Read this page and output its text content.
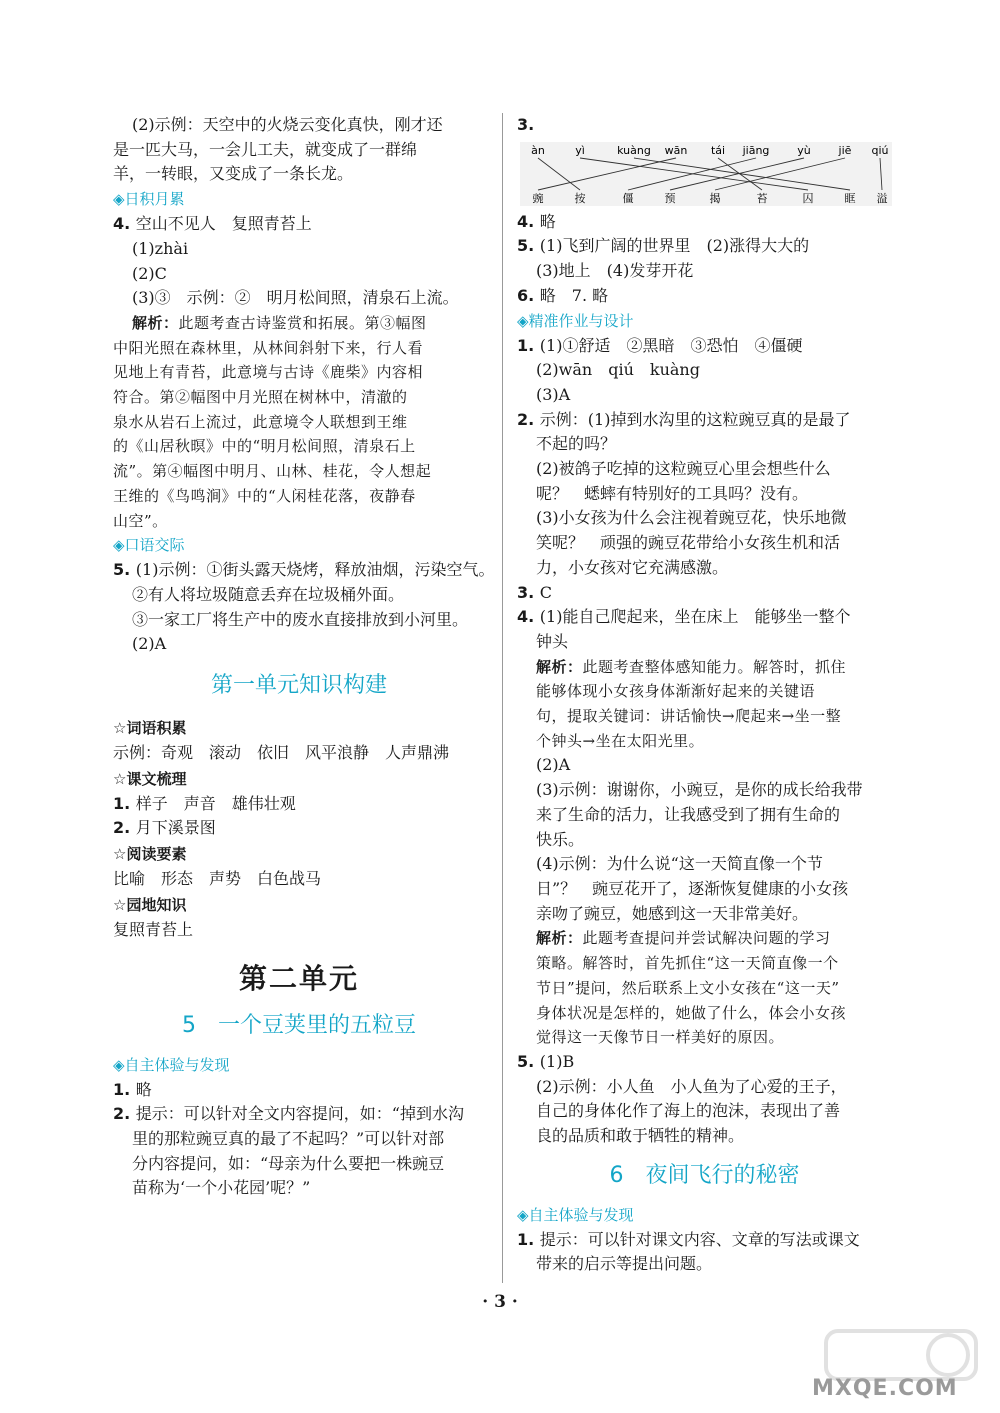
(2)示例：天空中的火烧云变化真快，刚才还
是一匹大马，一会儿工夫，就变成了一群绵
羊，一转眼，又变成了一条长龙。
◈日积月累
4. 空山不见人　复照青苔上
(1)zhài
(2)C
(3)③　示例：②　明月松间照，清泉石上流。
解析：此题考查古诗鉴赏和拓展。第③幅图
中阳光照在森林里，从林间斜射下来，行人看
见地上有青苔，此意境与古诗《鹿柴》内容相
符合。第②幅图中月光照在树林中，清澈的
泉水从岩石上流过，此意境令人联想到王维
的《山居秋暝》中的“明月松间照，清泉石上
流”。第④幅图中明月、山林、桂花，令人想起
王维的《鸟鸣涧》中的“人闲桂花落，夜静春
山空”。
◈口语交际
5. (1)示例：①街头露天烧烤，释放油烟，污染空气。
②有人将垃圾随意丢弃在垃圾桶外面。
③一家工厂将生产中的废水直接排放到小河里。
(2)A
第一单元知识构建
☆词语积累
示例：奇观　滚动　依旧　风平浪静　人声鼎沸
☆课文梳理
1. 样子　声音　雄伟壮观
2. 月下溪景图
☆阅读要素
比喻　形态　声势　白色战马
☆园地知识
复照青苔上
第二单元
5　一个豆荚里的五粒豆
◈自主体验与发现
1. 略
2. 提示：可以针对全文内容提问，如：“掉到水沟
里的那粒豌豆真的最了不起吗？”可以针对部
分内容提问，如：“母亲为什么要把一株豌豆
苗称为‘一个小花园’呢？”
3.
àn	yì	kuàng wān tái jiāng	yù	jiē qiú
豌	按	僵	预	揭	苔	囚	眶 溢
4. 略
5. (1)飞到广阔的世界里　(2)涨得大大的
(3)地上　(4)发芽开花
6. 略　7. 略
◈精准作业与设计
1. (1)①舒适　②黑暗　③恐怕　④僵硬
(2)wān　qiú　kuàng
(3)A
2. 示例：(1)掉到水沟里的这粒豌豆真的是最了
不起的吗？
(2)被鸽子吃掉的这粒豌豆心里会想些什么
呢？　蟋蟀有特别好的工具吗？没有。
(3)小女孩为什么会注视着豌豆花，快乐地微
笑呢？　顽强的豌豆花带给小女孩生机和活
力，小女孩对它充满感激。
3. C
4. (1)能自己爬起来，坐在床上　能够坐一整个
钟头
解析：此题考查整体感知能力。解答时，抓住
能够体现小女孩身体渐渐好起来的关键语
句，提取关键词：讲话愉快→爬起来→坐一整
个钟头→坐在太阳光里。
(2)A
(3)示例：谢谢你，小豌豆，是你的成长给我带
来了生命的活力，让我感受到了拥有生命的
快乐。
(4)示例：为什么说“这一天简直像一个节
日”？　豌豆花开了，逐渐恢复健康的小女孩
亲吻了豌豆，她感到这一天非常美好。
解析：此题考查提问并尝试解决问题的学习
策略。解答时，首先抓住“这一天简直像一个
节日”提问，然后联系上文小女孩在“这一天”
身体状况是怎样的，她做了什么，体会小女孩
觉得这一天像节日一样美好的原因。
5. (1)B
(2)示例：小人鱼　小人鱼为了心爱的王子，
自己的身体化作了海上的泡沫，表现出了善
良的品质和敢于牺牲的精神。
6　夜间飞行的秘密
◈自主体验与发现
1. 提示：可以针对课文内容、文章的写法或课文
带来的启示等提出问题。
· 3 ·
MXQE.COM
